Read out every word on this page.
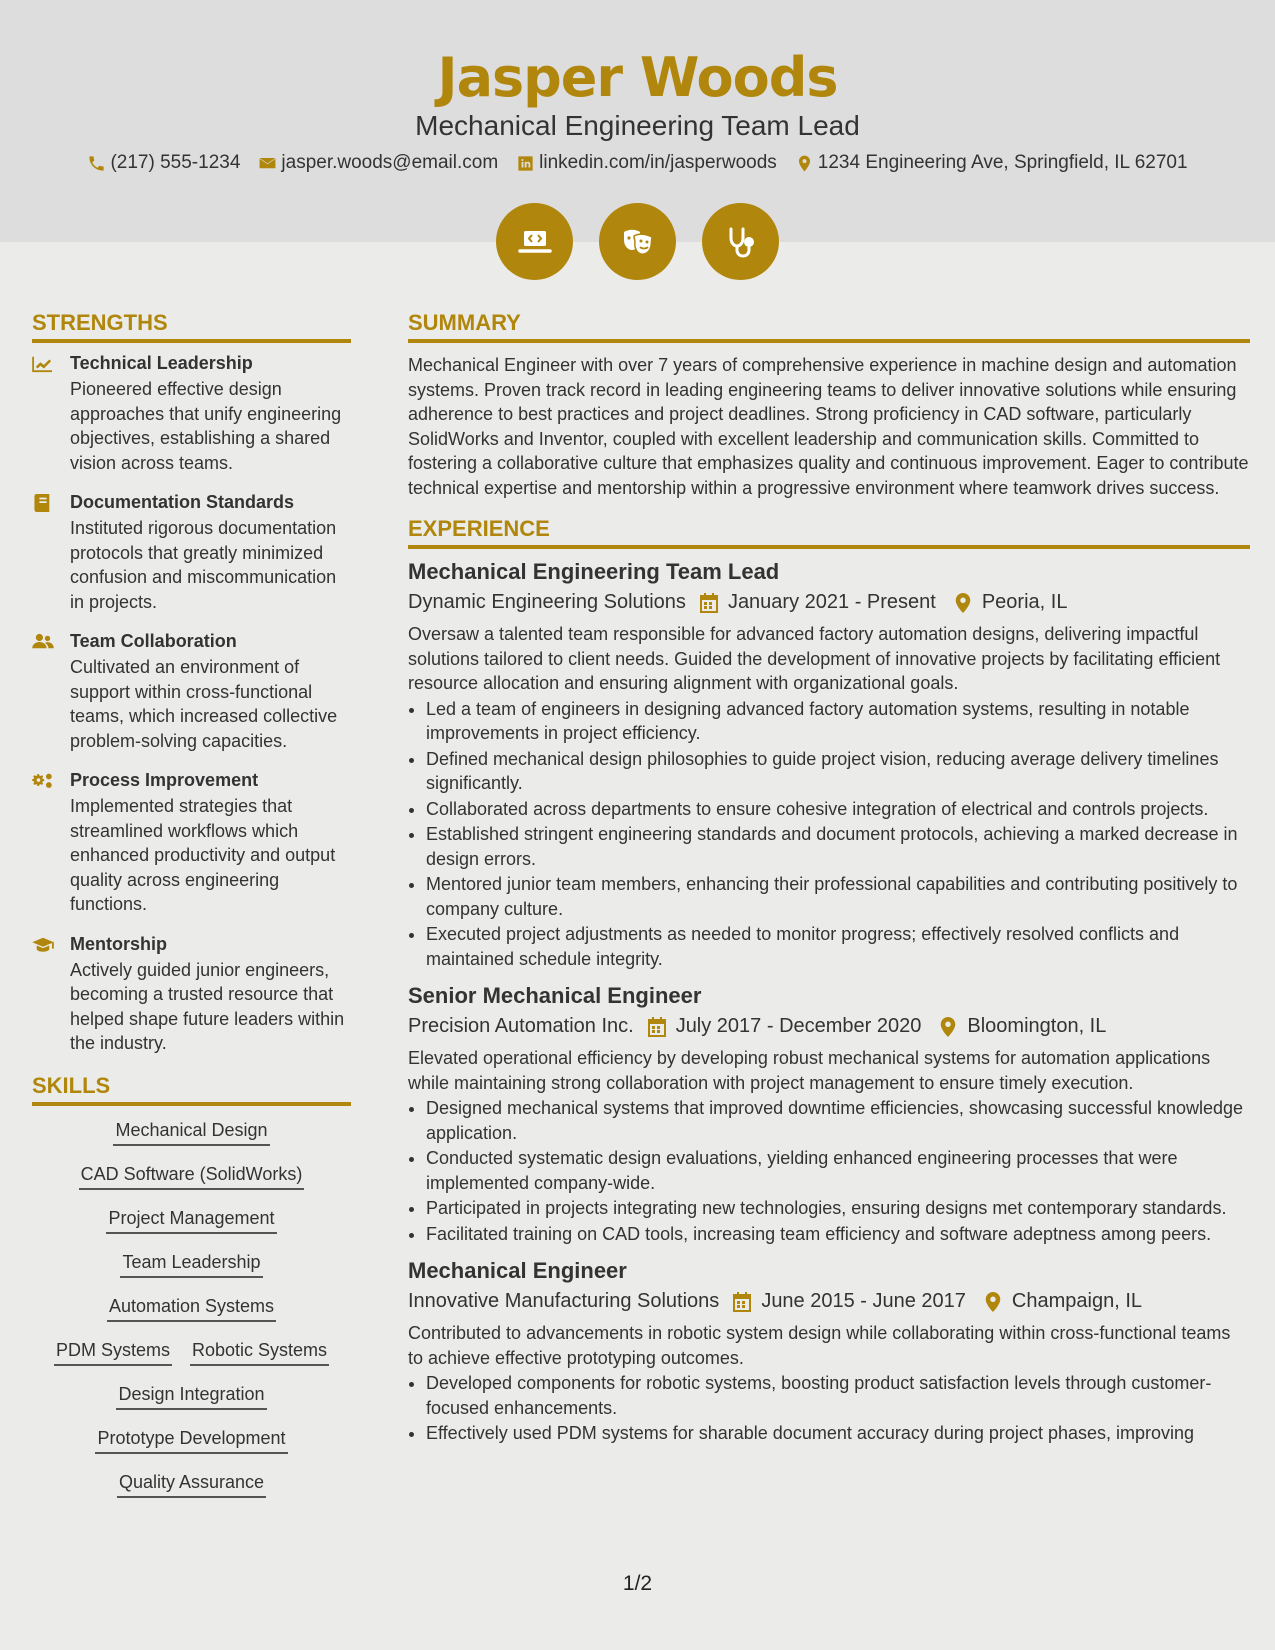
Jasper Woods
Mechanical Engineering Team Lead
(217) 555-1234 jasper.woods@email.com linkedin.com/in/jasperwoods 1234 Engineering Ave, Springfield, IL 62701
STRENGTHS
Technical Leadership
Pioneered effective design approaches that unify engineering objectives, establishing a shared vision across teams.
Documentation Standards
Instituted rigorous documentation protocols that greatly minimized confusion and miscommunication in projects.
Team Collaboration
Cultivated an environment of support within cross-functional teams, which increased collective problem-solving capacities.
Process Improvement
Implemented strategies that streamlined workflows which enhanced productivity and output quality across engineering functions.
Mentorship
Actively guided junior engineers, becoming a trusted resource that helped shape future leaders within the industry.
SKILLS
Mechanical Design
CAD Software (SolidWorks)
Project Management
Team Leadership
Automation Systems
PDM Systems Robotic Systems
Design Integration
Prototype Development
Quality Assurance
SUMMARY
Mechanical Engineer with over 7 years of comprehensive experience in machine design and automation systems. Proven track record in leading engineering teams to deliver innovative solutions while ensuring adherence to best practices and project deadlines. Strong proficiency in CAD software, particularly SolidWorks and Inventor, coupled with excellent leadership and communication skills. Committed to fostering a collaborative culture that emphasizes quality and continuous improvement. Eager to contribute technical expertise and mentorship within a progressive environment where teamwork drives success.
EXPERIENCE
Mechanical Engineering Team Lead
Dynamic Engineering Solutions January 2021 - Present Peoria, IL
Oversaw a talented team responsible for advanced factory automation designs, delivering impactful solutions tailored to client needs. Guided the development of innovative projects by facilitating efficient resource allocation and ensuring alignment with organizational goals.
• Led a team of engineers in designing advanced factory automation systems, resulting in notable improvements in project efficiency.
• Defined mechanical design philosophies to guide project vision, reducing average delivery timelines significantly.
• Collaborated across departments to ensure cohesive integration of electrical and controls projects.
• Established stringent engineering standards and document protocols, achieving a marked decrease in design errors.
• Mentored junior team members, enhancing their professional capabilities and contributing positively to company culture.
• Executed project adjustments as needed to monitor progress; effectively resolved conflicts and maintained schedule integrity.
Senior Mechanical Engineer
Precision Automation Inc. July 2017 - December 2020 Bloomington, IL
Elevated operational efficiency by developing robust mechanical systems for automation applications while maintaining strong collaboration with project management to ensure timely execution.
• Designed mechanical systems that improved downtime efficiencies, showcasing successful knowledge application.
• Conducted systematic design evaluations, yielding enhanced engineering processes that were implemented company-wide.
• Participated in projects integrating new technologies, ensuring designs met contemporary standards.
• Facilitated training on CAD tools, increasing team efficiency and software adeptness among peers.
Mechanical Engineer
Innovative Manufacturing Solutions June 2015 - June 2017 Champaign, IL
Contributed to advancements in robotic system design while collaborating within cross-functional teams to achieve effective prototyping outcomes.
• Developed components for robotic systems, boosting product satisfaction levels through customer-focused enhancements.
• Effectively used PDM systems for sharable document accuracy during project phases, improving
1/2
